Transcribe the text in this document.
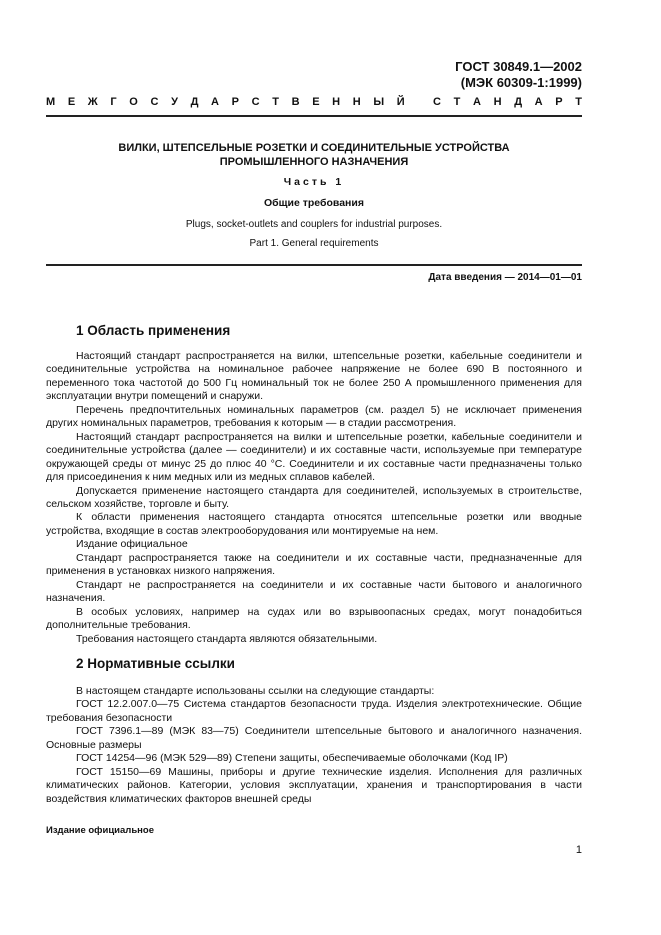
ГОСТ 30849.1—2002
(МЭК 60309-1:1999)
М Е Ж Г О С У Д А Р С Т В Е Н Н Ы Й
	С Т А Н Д А Р Т
ВИЛКИ, ШТЕПСЕЛЬНЫЕ РОЗЕТКИ И СОЕДИНИТЕЛЬНЫЕ УСТРОЙСТВА
ПРОМЫШЛЕННОГО НАЗНАЧЕНИЯ
Часть 1
Общие требования
Plugs, socket-outlets and couplers for industrial purposes.
Part 1. General requirements
Дата введения — 2014—01—01
1 Область применения

Настоящий стандарт распространяется на вилки, штепсельные розетки, кабельные соединители и соединительные устройства на номинальное рабочее напряжение не более 690 В постоянного и переменного тока частотой до 500 Гц номинальный ток не более 250 А промышленного применения для эксплуатации внутри помещений и снаружи.

Перечень предпочтительных номинальных параметров (см. раздел 5) не исключает применения других номинальных параметров, требования к которым — в стадии рассмотрения.

Настоящий стандарт распространяется на вилки и штепсельные розетки, кабельные соединители и соединительные устройства (далее — соединители) и их составные части, используемые при температуре окружающей среды от минус 25 до плюс 40 °С. Соединители и их составные части предназначены только для присоединения к ним медных или из медных сплавов кабелей.

Допускается применение настоящего стандарта для соединителей, используемых в строительстве, сельском хозяйстве, торговле и быту.

К области применения настоящего стандарта относятся штепсельные розетки или вводные устройства, входящие в состав электрооборудования или монтируемые на нем.

Издание официальное

Стандарт распространяется также на соединители и их составные части, предназначенные для применения в установках низкого напряжения.

Стандарт не распространяется на соединители и их составные части бытового и аналогичного назначения.

В особых условиях, например на судах или во взрывоопасных средах, могут понадобиться дополнительные требования.

Требования настоящего стандарта являются обязательными.

2 Нормативные ссылки

В настоящем стандарте использованы ссылки на следующие стандарты:

ГОСТ 12.2.007.0—75 Система стандартов безопасности труда. Изделия электротехнические. Общие требования безопасности

ГОСТ 7396.1—89 (МЭК 83—75) Соединители штепсельные бытового и аналогичного назначения. Основные размеры

ГОСТ 14254—96 (МЭК 529—89) Степени защиты, обеспечиваемые оболочками (Код IP)

ГОСТ 15150—69 Машины, приборы и другие технические изделия. Исполнения для различных климатических районов. Категории, условия эксплуатации, хранения и транспортирования в части воздействия климатических факторов внешней среды

Издание официальное
1
